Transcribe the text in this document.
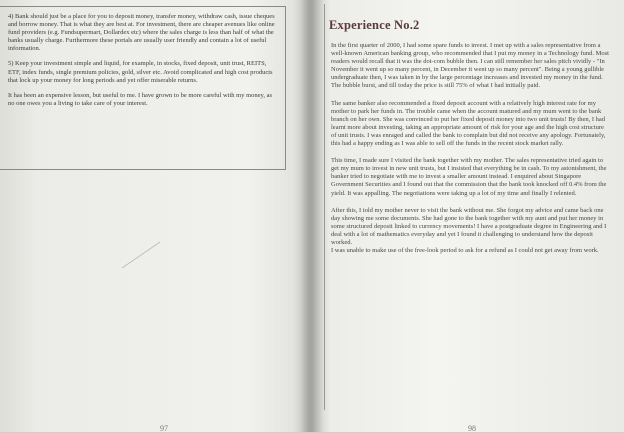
4) Bank should just be a place for you to deposit money, transfer money, withdraw cash, issue cheques and borrow money. That is what they are best at. For investment, there are cheaper avenues like online fund providers (e.g. Fundsupermart, Dollardex etc) where the sales charge is less than half of what the banks usually charge. Furthermore these portals are usually user friendly and contain a lot of useful information.

5) Keep your investment simple and liquid, for example, in stocks, fixed deposit, unit trust, REITS, ETF, index funds, single premium policies, gold, silver etc. Avoid complicated and high cost products that lock up your money for long periods and yet offer miserable returns.

It has been an expensive lesson, but useful to me. I have grown to be more careful with my money, as no one owes you a living to take care of your interest.

97
Experience No.2

In the first quarter of 2000, I had some spare funds to invest. I met up with a sales representative from a well-known American banking group, who recommended that I put my money in a Technology fund. Most readers would recall that it was the dot-com bubble then. I can still remember her sales pitch vividly - "In November it went up so many percent, in December it went up so many percent". Being a young gullible undergraduate then, I was taken in by the large percentage increases and invested my money in the fund. The bubble burst, and till today the price is still 75% of what I had initially paid.

The same banker also recommended a fixed deposit account with a relatively high interest rate for my mother to park her funds in. The trouble came when the account matured and my mum went to the bank branch on her own. She was convinced to put her fixed deposit money into two unit trusts! By then, I had learnt more about investing, taking an appropriate amount of risk for your age and the high cost structure of unit trusts. I was enraged and called the bank to complain but did not receive any apology. Fortunately, this had a happy ending as I was able to sell off the funds in the recent stock market rally.

This time, I made sure I visited the bank together with my mother. The sales representative tried again to get my mum to invest in new unit trusts, but I insisted that everything be in cash. To my astonishment, the banker tried to negotiate with me to invest a smaller amount instead. I enquired about Singapore Government Securities and I found out that the commission that the bank took knocked off 0.4% from the yield. It was appalling. The negotiations were taking up a lot of my time and finally I relented.

After this, I told my mother never to visit the bank without me. She forgot my advice and came back one day showing me some documents. She had gone to the bank together with my aunt and put her money in some structured deposit linked to currency movements! I have a postgraduate degree in Engineering and I deal with a lot of mathematics everyday and yet I found it challenging to understand how the deposit worked.

I was unable to make use of the free-look period to ask for a refund as I could not get away from work.

98
